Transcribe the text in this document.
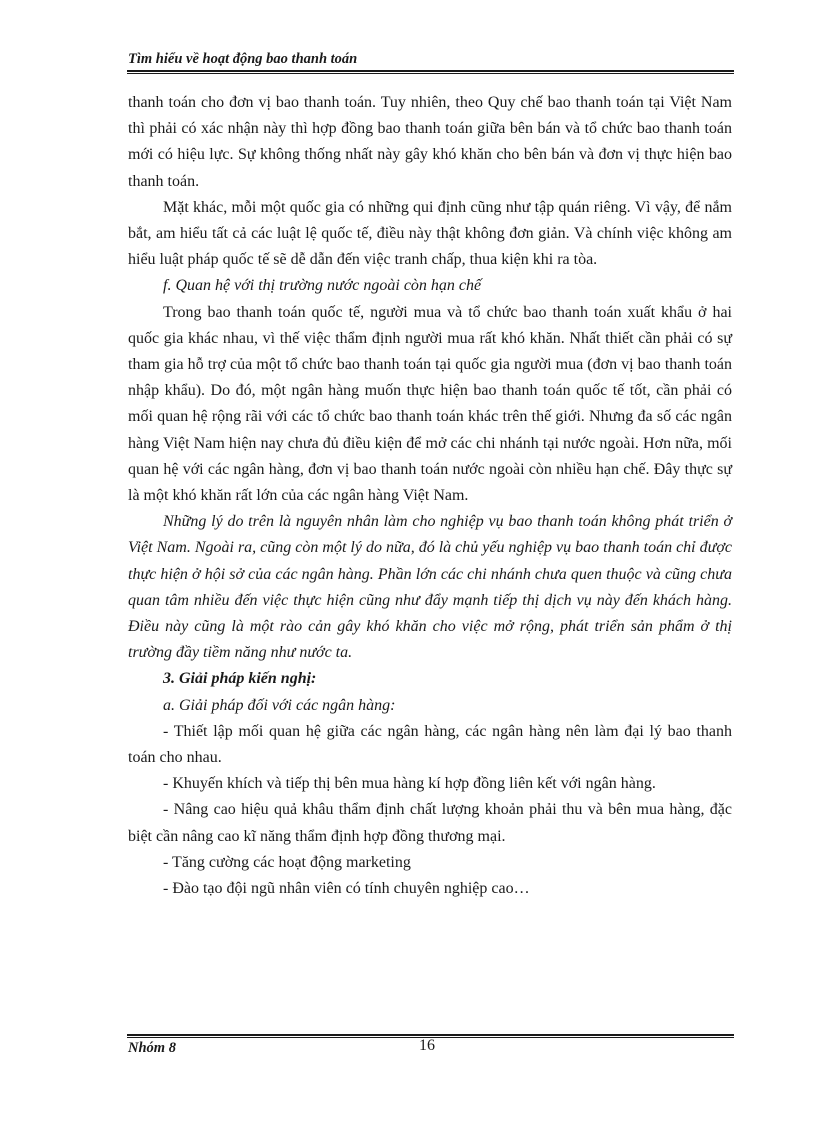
Tìm hiểu về hoạt động bao thanh toán

thanh toán cho đơn vị bao thanh toán. Tuy nhiên, theo Quy chế bao thanh toán tại Việt Nam thì phải có xác nhận này thì hợp đồng bao thanh toán giữa bên bán và tổ chức bao thanh toán mới có hiệu lực. Sự không thống nhất này gây khó khăn cho bên bán và đơn vị thực hiện bao thanh toán.

Mặt khác, mỗi một quốc gia có những qui định cũng như tập quán riêng. Vì vậy, để nắm bắt, am hiểu tất cả các luật lệ quốc tế, điều này thật không đơn giản. Và chính việc không am hiểu luật pháp quốc tế sẽ dễ dẫn đến việc tranh chấp, thua kiện khi ra tòa.

f. Quan hệ với thị trường nước ngoài còn hạn chế

Trong bao thanh toán quốc tế, người mua và tổ chức bao thanh toán xuất khẩu ở hai quốc gia khác nhau, vì thế việc thẩm định người mua rất khó khăn. Nhất thiết cần phải có sự tham gia hỗ trợ của một tổ chức bao thanh toán tại quốc gia người mua (đơn vị bao thanh toán nhập khẩu). Do đó, một ngân hàng muốn thực hiện bao thanh toán quốc tế tốt, cần phải có mối quan hệ rộng rãi với các tổ chức bao thanh toán khác trên thế giới. Nhưng đa số các ngân hàng Việt Nam hiện nay chưa đủ điều kiện để mở các chi nhánh tại nước ngoài. Hơn nữa, mối quan hệ với các ngân hàng, đơn vị bao thanh toán nước ngoài còn nhiều hạn chế. Đây thực sự là một khó khăn rất lớn của các ngân hàng Việt Nam.

Những lý do trên là nguyên nhân làm cho nghiệp vụ bao thanh toán không phát triển ở Việt Nam. Ngoài ra, cũng còn một lý do nữa, đó là chủ yếu nghiệp vụ bao thanh toán chỉ được thực hiện ở hội sở của các ngân hàng. Phần lớn các chi nhánh chưa quen thuộc và cũng chưa quan tâm nhiều đến việc thực hiện cũng như đẩy mạnh tiếp thị dịch vụ này đến khách hàng. Điều này cũng là một rào cản gây khó khăn cho việc mở rộng, phát triển sản phẩm ở thị trường đầy tiềm năng như nước ta.

3. Giải pháp kiến nghị:

a. Giải pháp đối với các ngân hàng:

- Thiết lập mối quan hệ giữa các ngân hàng, các ngân hàng nên làm đại lý bao thanh toán cho nhau.

- Khuyến khích và tiếp thị bên mua hàng kí hợp đồng liên kết với ngân hàng.

- Nâng cao hiệu quả khâu thẩm định chất lượng khoản phải thu và bên mua hàng, đặc biệt cần nâng cao kĩ năng thẩm định hợp đồng thương mại.

- Tăng cường các hoạt động marketing

- Đào tạo đội ngũ nhân viên có tính chuyên nghiệp cao…

Nhóm 8	16
